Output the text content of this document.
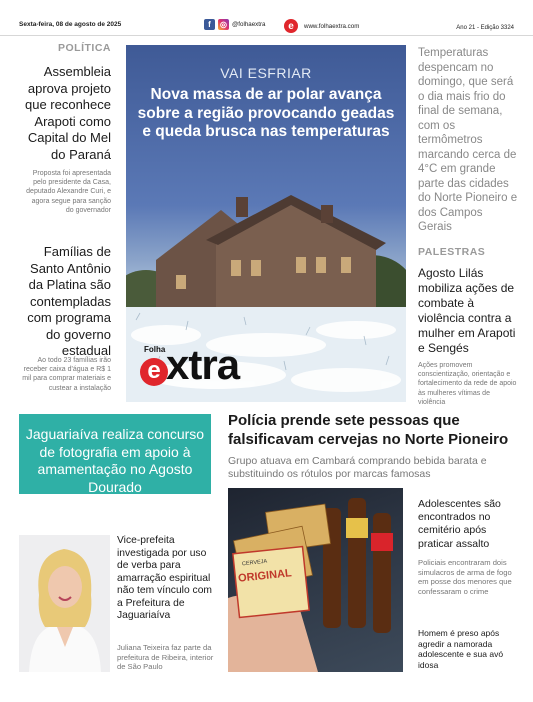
Sexta-feira, 08 de agosto de 2025	f	◎ @folhaextra	e	www.folhaextra.com	Ano 21 - Edição 3324
POLÍTICA
Assembleia aprova projeto que reconhece Arapoti como Capital do Mel do Paraná
Proposta foi apresentada pelo presidente da Casa, deputado Alexandre Curi, e agora segue para sanção do governador
Famílias de Santo Antônio da Platina são contempladas com programa do governo estadual
Ao todo 23 famílias irão receber caixa d'água e R$ 1 mil para comprar materiais e custear a instalação
VAI ESFRIAR
Nova massa de ar polar avança sobre a região provocando geadas e queda brusca nas temperaturas
Folha
e xtra
Temperaturas despencam no domingo, que será o dia mais frio do final de semana, com os termômetros marcando cerca de 4°C em grande parte das cidades do Norte Pioneiro e dos Campos Gerais
PALESTRAS
Agosto Lilás mobiliza ações de combate à violência contra a mulher em Arapoti e Sengés
Ações promovem conscientização, orientação e fortalecimento da rede de apoio às mulheres vítimas de violência
Jaguariaíva realiza concurso de fotografia em apoio à amamentação no Agosto Dourado
Polícia prende sete pessoas que falsificavam cervejas no Norte Pioneiro
Grupo atuava em Cambará comprando bebida barata e substituindo os rótulos por marcas famosas
CERVEJA
ORIGINAL
Adolescentes são encontrados no cemitério após praticar assalto
Policiais encontraram dois simulacros de arma de fogo em posse dos menores que confessaram o crime
Homem é preso após agredir a namorada adolescente e sua avó idosa
Vice-prefeita investigada por uso de verba para amarração espiritual não tem vínculo com a Prefeitura de Jaguariaíva
Juliana Teixeira faz parte da prefeitura de Ribeira, interior de São Paulo
